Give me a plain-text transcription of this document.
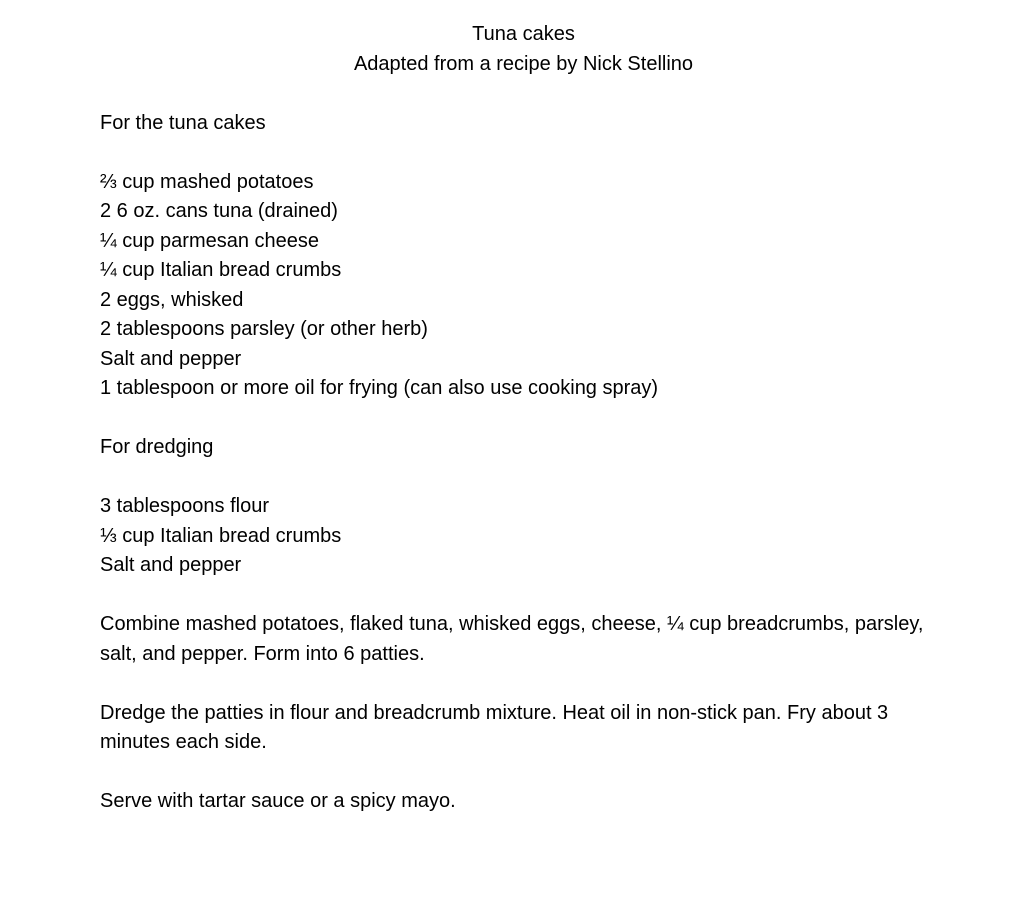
Tuna cakes
Adapted from a recipe by Nick Stellino
For the tuna cakes
⅔ cup mashed potatoes
2 6 oz. cans tuna (drained)
¼ cup parmesan cheese
¼ cup Italian bread crumbs
2 eggs, whisked
2 tablespoons parsley (or other herb)
Salt and pepper
1 tablespoon or more oil for frying (can also use cooking spray)
For dredging
3 tablespoons flour
⅓ cup Italian bread crumbs
Salt and pepper
Combine mashed potatoes, flaked tuna, whisked eggs, cheese, ¼ cup breadcrumbs, parsley, salt, and pepper. Form into 6 patties.
Dredge the patties in flour and breadcrumb mixture. Heat oil in non-stick pan. Fry about 3 minutes each side.
Serve with tartar sauce or a spicy mayo.
